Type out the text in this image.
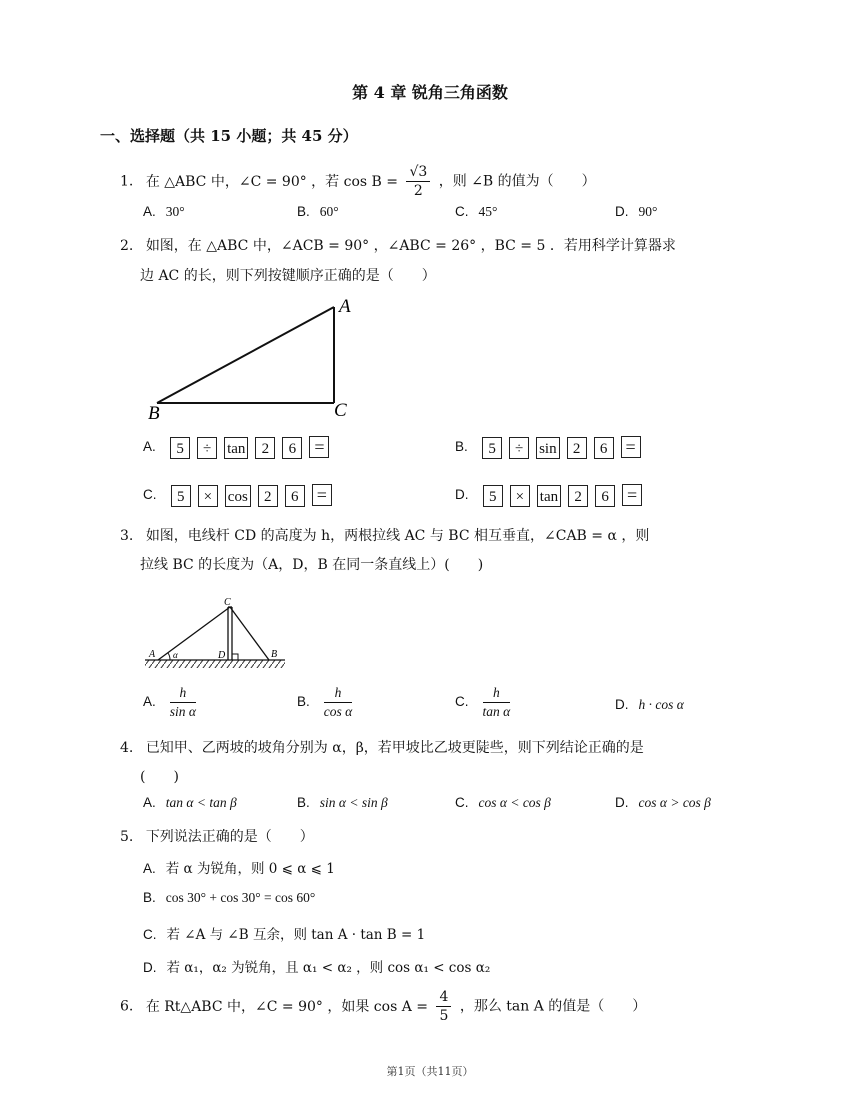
第 4 章 锐角三角函数
一、选择题（共 15 小题；共 45 分）
1. 在 △ABC 中，∠C = 90° ，若 $\cos B = \frac{√3}{2}$ ，则 ∠B 的值为（　　）
A. 30°	B. 60°	C. 45°	D. 90°
2. 如图，在 △ABC 中，∠ACB = 90° ，∠ABC = 26° ，BC = 5 ．若用科学计算器求
边 AC 的长，则下列按键顺序正确的是（　　）
A
B	C
A. 5 ÷ tan 2 6 =	B. 5 ÷ sin 2 6 =
C. 5 × cos 2 6 =	D. 5 × tan 2 6 =
3. 如图，电线杆 CD 的高度为 h，两根拉线 AC 与 BC 相互垂直，∠CAB = α ，则
拉线 BC 的长度为（A，D，B 在同一条直线上）(　　)
C
A α	D	B
A. $\frac{h}{\text{sin α}}$	B. $\frac{h}{\text{cos α}}$	C. $\frac{h}{\text{tan α}}$	D. h · cos α
4. 已知甲、乙两坡的坡角分别为 α，β，若甲坡比乙坡更陡些，则下列结论正确的是
(　　)
A. tan α < tan β	B. sin α < sin β	C. cos α < cos β	D. cos α > cos β
5. 下列说法正确的是（　　）
A. 若 α 为锐角，则 0 ⩽ α ⩽ 1
B. cos 30° + cos 30° = cos 60°
C. 若 ∠A 与 ∠B 互余，则 tan A · tan B = 1
D. 若 α₁，α₂ 为锐角，且 α₁ < α₂ ，则 cos α₁ < cos α₂
6. 在 Rt△ABC 中，∠C = 90° ，如果 $\cos A = \frac{4}{5}$ ，那么 tan A 的值是（　　）
第1页（共11页）
